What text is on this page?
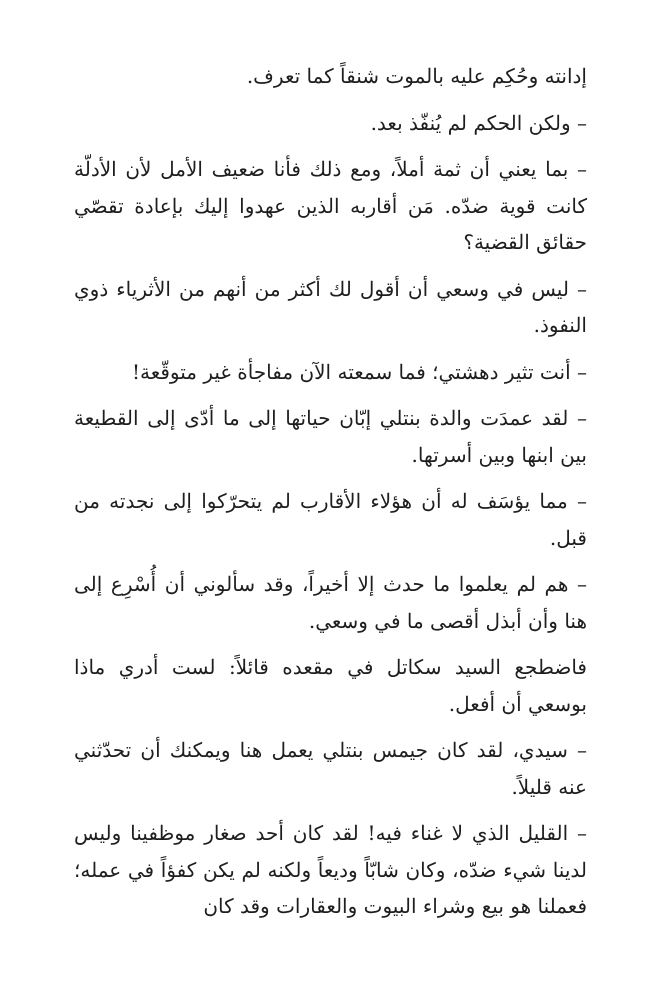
إدانته وحُكِم عليه بالموت شنقاً كما تعرف.

– ولكن الحكم لم يُنفّذ بعد.

– بما يعني أن ثمة أملاً، ومع ذلك فأنا ضعيف الأمل لأن الأدلّة كانت قوية ضدّه. مَن أقاربه الذين عهدوا إليك بإعادة تقصّي حقائق القضية؟

– ليس في وسعي أن أقول لك أكثر من أنهم من الأثرياء ذوي النفوذ.

– أنت تثير دهشتي؛ فما سمعته الآن مفاجأة غير متوقّعة!

– لقد عمدَت والدة بنتلي إبّان حياتها إلى ما أدّى إلى القطيعة بين ابنها وبين أسرتها.

– مما يؤسَف له أن هؤلاء الأقارب لم يتحرّكوا إلى نجدته من قبل.

– هم لم يعلموا ما حدث إلا أخيراً، وقد سألوني أن أُسْرِع إلى هنا وأن أبذل أقصى ما في وسعي.

فاضطجع السيد سكاتل في مقعده قائلاً: لست أدري ماذا بوسعي أن أفعل.

– سيدي، لقد كان جيمس بنتلي يعمل هنا ويمكنك أن تحدّثني عنه قليلاً.

– القليل الذي لا غناء فيه! لقد كان أحد صغار موظفينا وليس لدينا شيء ضدّه، وكان شابّاً وديعاً ولكنه لم يكن كفؤاً في عمله؛ فعملنا هو بيع وشراء البيوت والعقارات وقد كان
